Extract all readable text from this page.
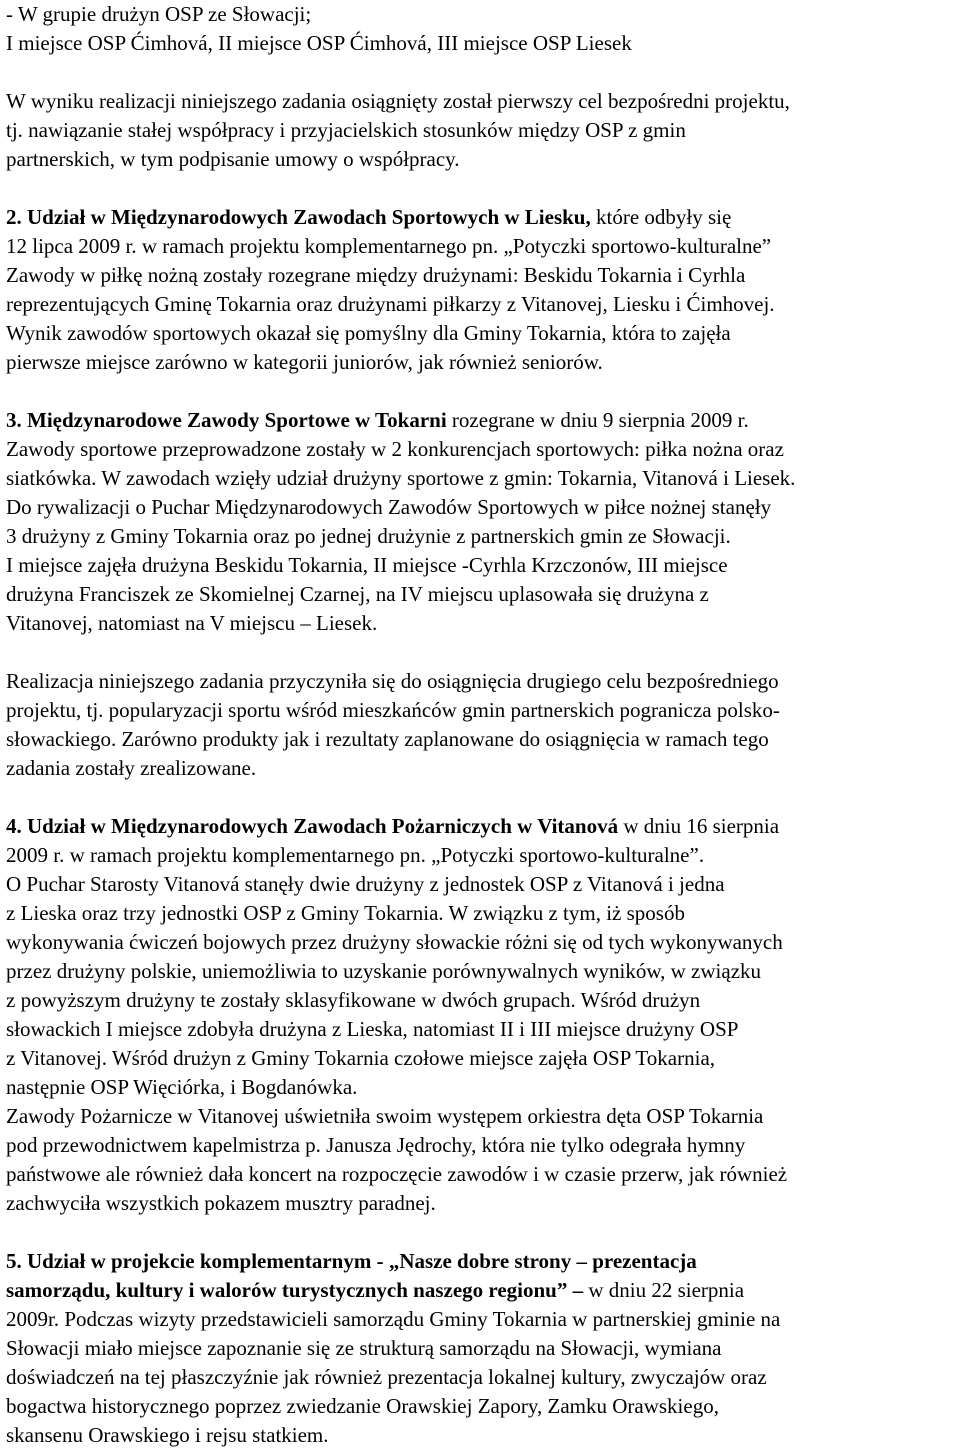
- W grupie drużyn OSP ze Słowacji;
I miejsce OSP Ćimhová, II miejsce OSP Ćimhová, III miejsce OSP Liesek
W wyniku realizacji niniejszego zadania osiągnięty został pierwszy cel bezpośredni projektu,
tj. nawiązanie stałej współpracy i przyjacielskich stosunków między OSP z gmin
partnerskich, w tym podpisanie umowy o współpracy.
2. Udział w Międzynarodowych Zawodach Sportowych w Liesku, które odbyły się
12 lipca 2009 r. w ramach projektu komplementarnego pn. „Potyczki sportowo-kulturalne”
Zawody w piłkę nożną zostały rozegrane między drużynami: Beskidu Tokarnia i Cyrhla
reprezentujących Gminę Tokarnia oraz drużynami piłkarzy z Vitanovej, Liesku i Ćimhovej.
Wynik zawodów sportowych okazał się pomyślny dla Gminy Tokarnia, która to zajęła
pierwsze miejsce zarówno w kategorii juniorów, jak również seniorów.
3. Międzynarodowe Zawody Sportowe w Tokarni rozegrane w dniu 9 sierpnia 2009 r.
Zawody sportowe przeprowadzone zostały w 2 konkurencjach sportowych: piłka nożna oraz
siatkówka. W zawodach wzięły udział drużyny sportowe z gmin: Tokarnia, Vitanová i Liesek.
Do rywalizacji o Puchar Międzynarodowych Zawodów Sportowych w piłce nożnej stanęły
3 drużyny z Gminy Tokarnia oraz po jednej drużynie z partnerskich gmin ze Słowacji.
I miejsce zajęła drużyna Beskidu Tokarnia, II miejsce -Cyrhla Krzczonów, III miejsce
drużyna Franciszek ze Skomielnej Czarnej, na IV miejscu uplasowała się drużyna z
Vitanovej, natomiast na V miejscu – Liesek.
Realizacja niniejszego zadania przyczyniła się do osiągnięcia drugiego celu bezpośredniego
projektu, tj. popularyzacji sportu wśród mieszkańców gmin partnerskich pogranicza polsko-
słowackiego. Zarówno produkty jak i rezultaty zaplanowane do osiągnięcia w ramach tego
zadania zostały zrealizowane.
4. Udział w Międzynarodowych Zawodach Pożarniczych w Vitanová w dniu 16 sierpnia
2009 r. w ramach projektu komplementarnego pn. „Potyczki sportowo-kulturalne”.
O Puchar Starosty Vitanová stanęły dwie drużyny z jednostek OSP z Vitanová i jedna
z Lieska oraz trzy jednostki OSP z Gminy Tokarnia. W związku z tym, iż sposób
wykonywania ćwiczeń bojowych przez drużyny słowackie różni się od tych wykonywanych
przez drużyny polskie, uniemożliwia to uzyskanie porównywalnych wyników, w związku
z powyższym drużyny te zostały sklasyfikowane w dwóch grupach. Wśród drużyn
słowackich I miejsce zdobyła drużyna z Lieska, natomiast II i III miejsce drużyny OSP
z Vitanovej. Wśród drużyn z Gminy Tokarnia czołowe miejsce zajęła OSP Tokarnia,
następnie OSP Więciórka, i Bogdanówka.
Zawody Pożarnicze w Vitanovej uświetniła swoim występem orkiestra dęta OSP Tokarnia
pod przewodnictwem kapelmistrza p. Janusza Jędrochy, która nie tylko odegrała hymny
państwowe ale również dała koncert na rozpoczęcie zawodów i w czasie przerw, jak również
zachwyciła wszystkich pokazem musztry paradnej.
5. Udział w projekcie komplementarnym - „Nasze dobre strony – prezentacja
samorządu, kultury i walorów turystycznych naszego regionu” – w dniu 22 sierpnia
2009r. Podczas wizyty przedstawicieli samorządu Gminy Tokarnia w partnerskiej gminie na
Słowacji miało miejsce zapoznanie się ze strukturą samorządu na Słowacji, wymiana
doświadczeń na tej płaszczyźnie jak również prezentacja lokalnej kultury, zwyczajów oraz
bogactwa historycznego poprzez zwiedzanie Orawskiej Zapory, Zamku Orawskiego,
skansenu Orawskiego i rejsu statkiem.
